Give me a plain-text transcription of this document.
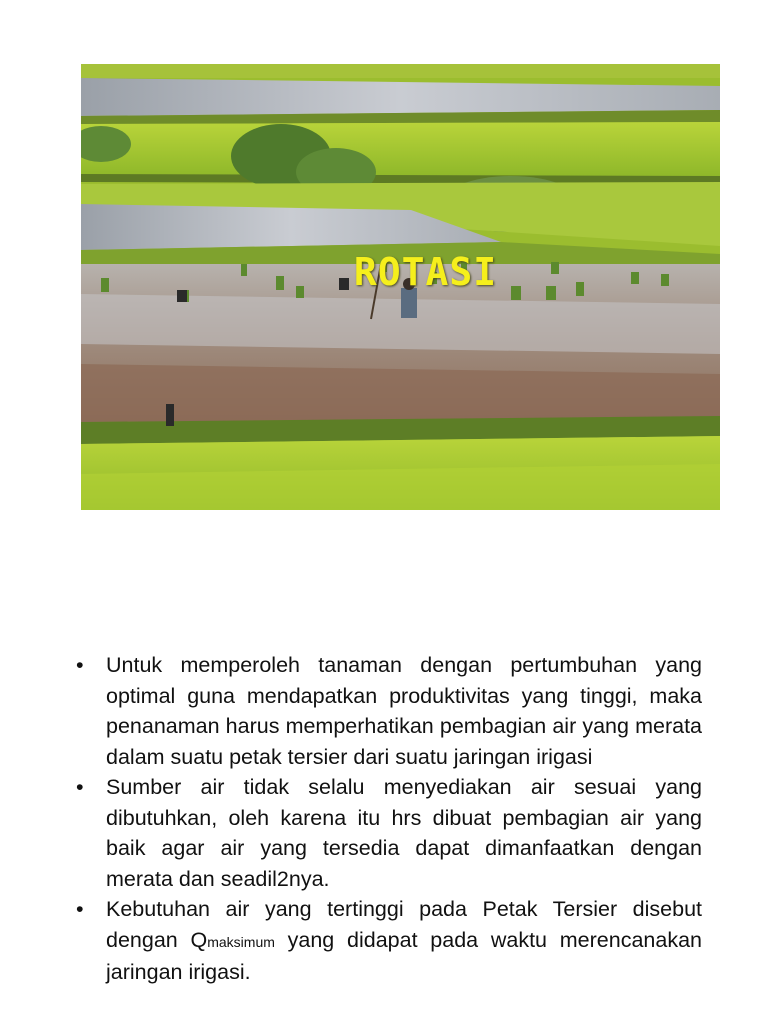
ROTASI
• Untuk memperoleh tanaman dengan pertumbuhan yang optimal guna mendapatkan produktivitas yang tinggi, maka penanaman harus memperhatikan pembagian air yang merata dalam suatu petak tersier dari suatu jaringan irigasi
• Sumber air tidak selalu menyediakan air sesuai yang dibutuhkan, oleh karena itu hrs dibuat pembagian air yang baik agar air yang tersedia dapat dimanfaatkan dengan merata dan seadil2nya.
• Kebutuhan air yang tertinggi pada Petak Tersier disebut dengan Qmaksimum yang didapat pada waktu merencanakan jaringan irigasi.
